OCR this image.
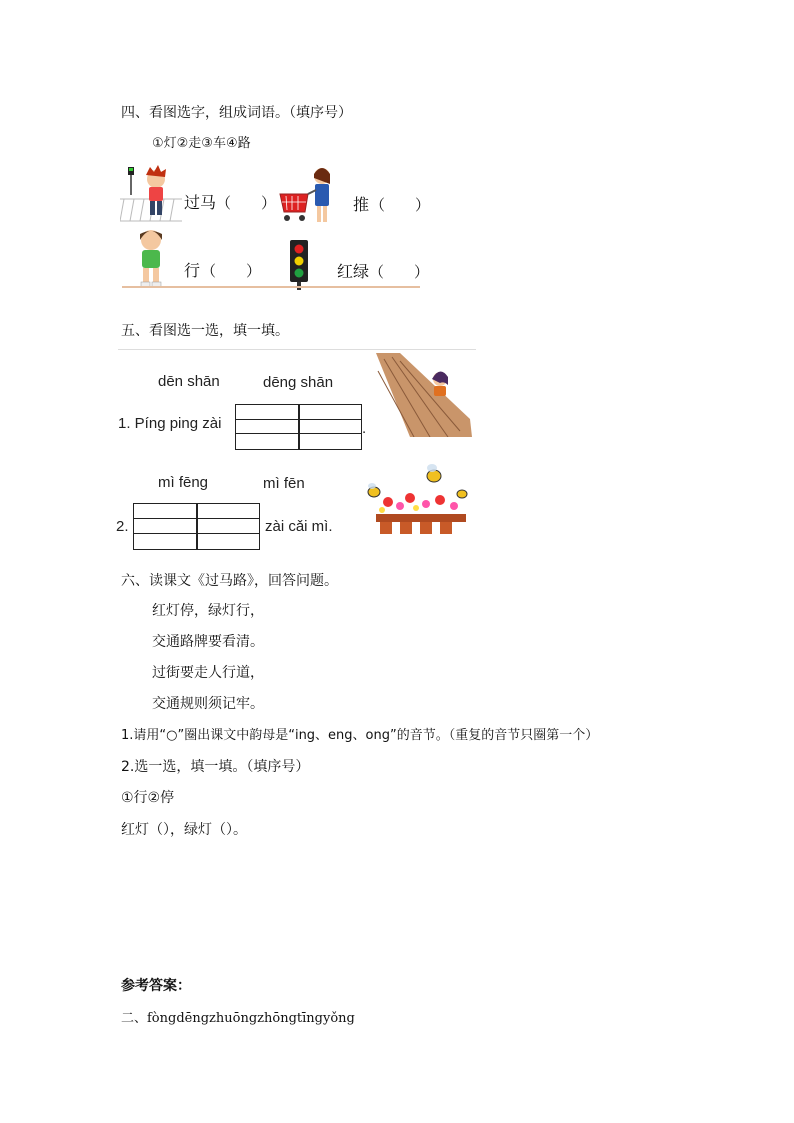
四、看图选字，组成词语。（填序号）
①灯②走③车④路
过马 （　　）	推 （　　）
行 （　　）	红绿 （　　）
五、看图选一选，填一填。
dēn shān	dēng shān
1. Píng ping zài	.
mì fēng	mì fēn
2.	zài cǎi mì.
六、读课文《过马路》，回答问题。
红灯停，绿灯行，
交通路牌要看清。
过街要走人行道，
交通规则须记牢。
1.请用“○”圈出课文中韵母是“ing、eng、ong”的音节。（重复的音节只圈第一个）
2.选一选，填一填。（填序号）
①行②停
红灯（），绿灯（）。
参考答案：
二、fòngdēngzhuōngzhōngtīngyǒng
